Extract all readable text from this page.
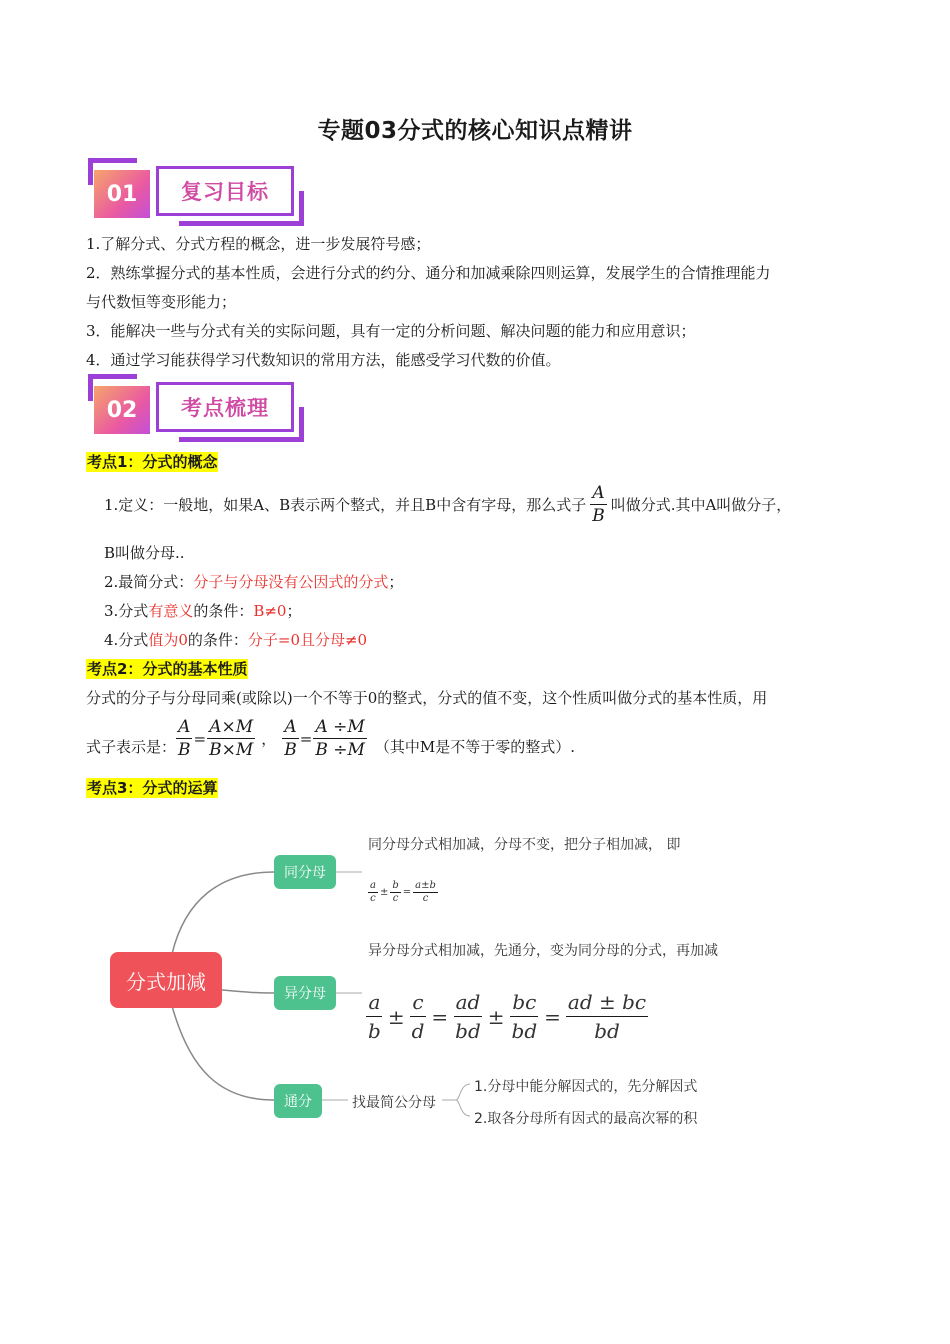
专题03分式的核心知识点精讲
01	复习目标
1.了解分式、分式方程的概念，进一步发展符号感；
2．熟练掌握分式的基本性质，会进行分式的约分、通分和加减乘除四则运算，发展学生的合情推理能力
与代数恒等变形能力；
3．能解决一些与分式有关的实际问题，具有一定的分析问题、解决问题的能力和应用意识；
4．通过学习能获得学习代数知识的常用方法，能感受学习代数的价值。
02	考点梳理
考点1：分式的概念
1.定义：一般地，如果A、B表示两个整式，并且B中含有字母，那么式子 $\frac{A}{B}$ 叫做分式.其中A叫做分子，
B叫做分母..
2.最简分式：分子与分母没有公因式的分式；
3.分式有意义的条件：B≠0；
4.分式值为0的条件：分子=0且分母≠0
考点2：分式的基本性质
分式的分子与分母同乘(或除以)一个不等于0的整式，分式的值不变，这个性质叫做分式的基本性质，用
式子表示是： $\frac{A}{B} = \frac{A\times M}{B\times M}$ ， $\frac{A}{B} = \frac{A \div M}{B \div M}$ （其中M是不等于零的整式）.
考点3：分式的运算
分式加减
同分母
异分母
通分
同分母分式相加减，分母不变，把分子相加减， 即
$\frac{a}{c} \pm \frac{b}{c} = \frac{a\pm b}{c}$
异分母分式相加减，先通分，变为同分母的分式，再加减
$\frac{a}{b} \pm \frac{c}{d} = \frac{ad}{bd} \pm \frac{bc}{bd} = \frac{ad \pm bc}{bd}$
找最简公分母
1.分母中能分解因式的，先分解因式
2.取各分母所有因式的最高次幂的积
